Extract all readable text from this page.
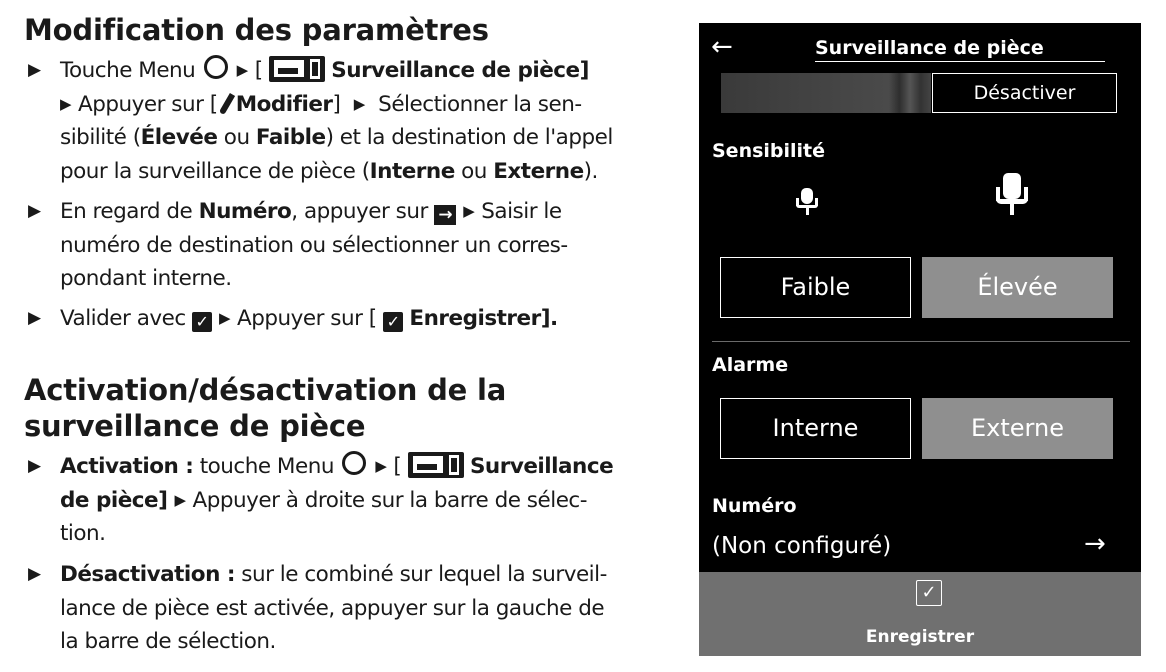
Modification des paramètres
▶ Touche Menu	▶ [	Surveillance de pièce]
▶ Appuyer sur [ Modifier] ▶ Sélectionner la sen-
sibilité (Élevée ou Faible) et la destination de l'appel
pour la surveillance de pièce (Interne ou Externe).
▶ En regard de Numéro, appuyer sur → ▶ Saisir le
numéro de destination ou sélectionner un corres-
pondant interne.
▶ Valider avec ✓ ▶ Appuyer sur [ ✓ Enregistrer].
Activation/désactivation de la
surveillance de pièce
▶ Activation : touche Menu	▶ [	Surveillance
de pièce] ▶ Appuyer à droite sur la barre de sélec-
tion.
▶ Désactivation : sur le combiné sur lequel la surveil-
lance de pièce est activée, appuyer sur la gauche de
la barre de sélection.
←	Surveillance de pièce
Désactiver
Sensibilité
Faible	Élevée
Alarme
Interne	Externe
Numéro
(Non configuré)	→
✓
Enregistrer
